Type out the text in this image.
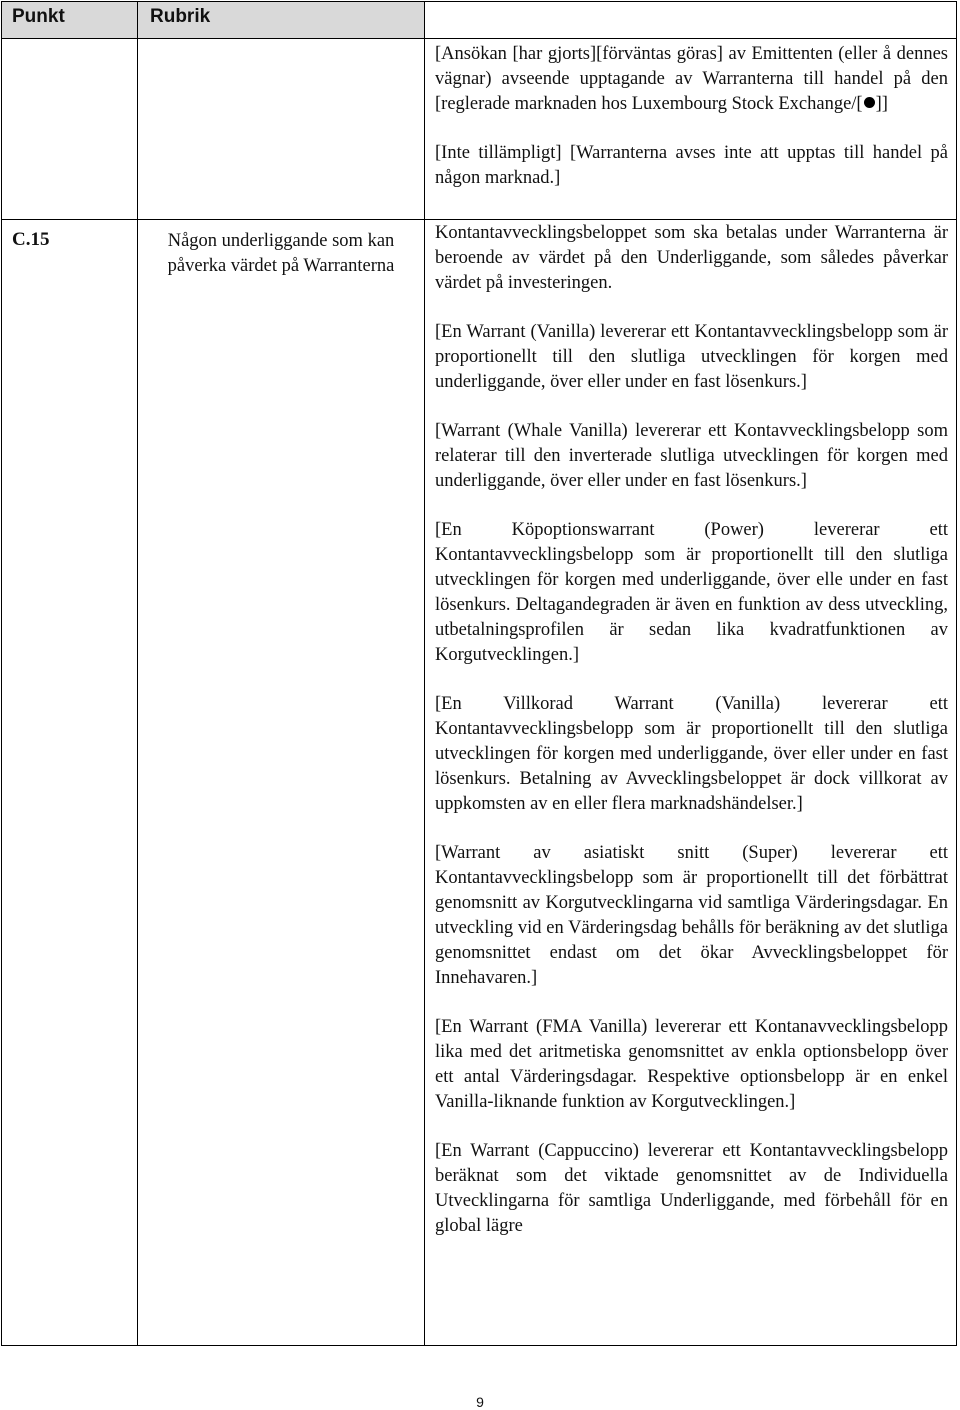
Punkt	Rubrik
C.15	Någon underliggande som kan påverka värdet på Warranterna

[Ansökan [har gjorts][förväntas göras] av Emittenten (eller å dennes vägnar) avseende upptagande av Warranterna till handel på den [reglerade marknaden hos Luxembourg Stock Exchange/[ ]]

[Inte tillämpligt] [Warranterna avses inte att upptas till handel på någon marknad.]

Kontantavvecklingsbeloppet som ska betalas under Warranterna är beroende av värdet på den Underliggande, som således påverkar värdet på investeringen.

[En Warrant (Vanilla) levererar ett Kontantavvecklingsbelopp som är proportionellt till den slutliga utvecklingen för korgen med underliggande, över eller under en fast lösenkurs.]

[Warrant (Whale Vanilla) levererar ett Kontavvecklingsbelopp som relaterar till den inverterade slutliga utvecklingen för korgen med underliggande, över eller under en fast lösenkurs.]

[En Köpoptionswarrant (Power) levererar ett Kontantavvecklingsbelopp som är proportionellt till den slutliga utvecklingen för korgen med underliggande, över elle under en fast lösenkurs. Deltagandegraden är även en funktion av dess utveckling, utbetalningsprofilen är sedan lika kvadratfunktionen av Korgutvecklingen.]

[En Villkorad Warrant (Vanilla) levererar ett Kontantavvecklingsbelopp som är proportionellt till den slutliga utvecklingen för korgen med underliggande, över eller under en fast lösenkurs. Betalning av Avvecklingsbeloppet är dock villkorat av uppkomsten av en eller flera marknadshändelser.]

[Warrant av asiatiskt snitt (Super) levererar ett Kontantavvecklingsbelopp som är proportionellt till det förbättrat genomsnitt av Korgutvecklingarna vid samtliga Värderingsdagar. En utveckling vid en Värderingsdag behålls för beräkning av det slutliga genomsnittet endast om det ökar Avvecklingsbeloppet för Innehavaren.]

[En Warrant (FMA Vanilla) levererar ett Kontanavvecklingsbelopp lika med det aritmetiska genomsnittet av enkla optionsbelopp över ett antal Värderingsdagar. Respektive optionsbelopp är en enkel Vanilla-liknande funktion av Korgutvecklingen.]

[En Warrant (Cappuccino) levererar ett Kontantavvecklingsbelopp beräknat som det viktade genomsnittet av de Individuella Utvecklingarna för samtliga Underliggande, med förbehåll för en global lägre

9
